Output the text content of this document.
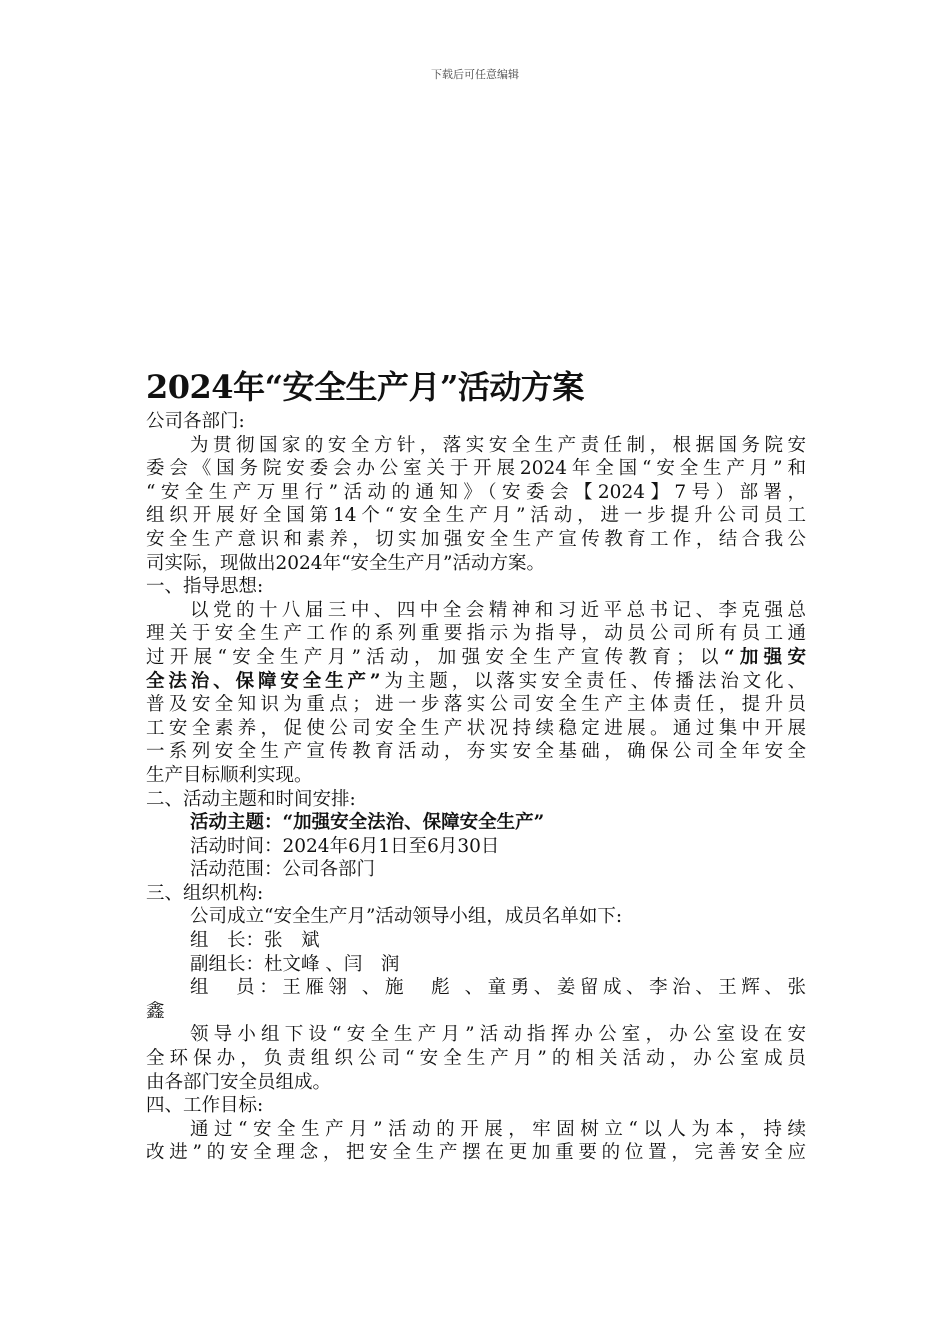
下载后可任意编辑
2024年“安全生产月”活动方案
公司各部门:
为贯彻国家的安全方针，落实安全生产责任制，根据国务院安
委会《国务院安委会办公室关于开展2024年全国“安全生产月”和
“安全生产万里行”活动的通知》（安委会【2024】7号）部署，
组织开展好全国第14个“安全生产月”活动，进一步提升公司员工
安全生产意识和素养，切实加强安全生产宣传教育工作，结合我公
司实际，现做出2024年“安全生产月”活动方案。
一、指导思想:
以党的十八届三中、四中全会精神和习近平总书记、李克强总
理关于安全生产工作的系列重要指示为指导，动员公司所有员工通
过开展“安全生产月”活动，加强安全生产宣传教育；以“加强安
全法治、保障安全生产”为主题，以落实安全责任、传播法治文化、
普及安全知识为重点；进一步落实公司安全生产主体责任，提升员
工安全素养，促使公司安全生产状况持续稳定进展。通过集中开展
一系列安全生产宣传教育活动，夯实安全基础，确保公司全年安全
生产目标顺利实现。
二、活动主题和时间安排:
活动主题：“加强安全法治、保障安全生产”
活动时间：2024年6月1日至6月30日
活动范围：公司各部门
三、组织机构:
公司成立“安全生产月”活动领导小组，成员名单如下:
组　长：张　斌
副组长：杜文峰 、闫　润
组　员：王雁翎 、施　彪 、童勇、姜留成、李治、王辉、张
鑫
领导小组下设“安全生产月”活动指挥办公室，办公室设在安
全环保办，负责组织公司“安全生产月”的相关活动，办公室成员
由各部门安全员组成。
四、工作目标:
通过“安全生产月”活动的开展，牢固树立“以人为本，持续
改进”的安全理念，把安全生产摆在更加重要的位置，完善安全应
